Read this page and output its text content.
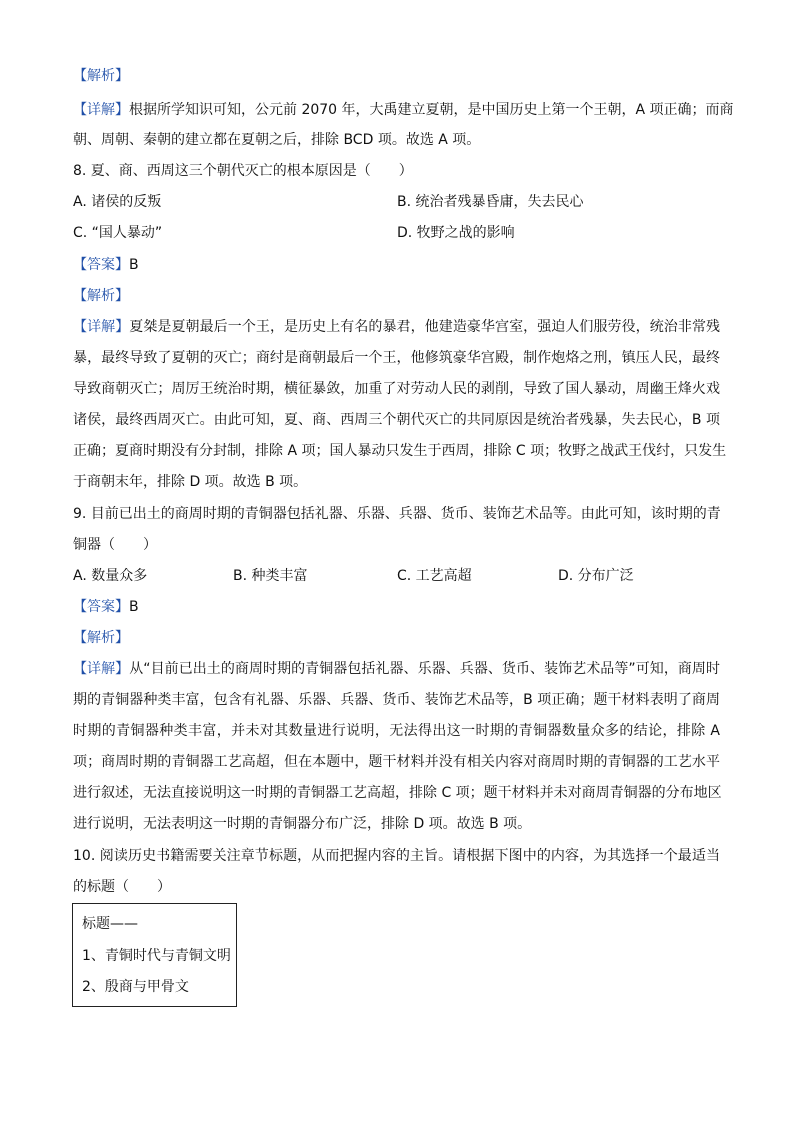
【解析】
【详解】根据所学知识可知，公元前 2070 年，大禹建立夏朝，是中国历史上第一个王朝，A 项正确；而商
朝、周朝、秦朝的建立都在夏朝之后，排除 BCD 项。故选 A 项。
8. 夏、商、西周这三个朝代灭亡的根本原因是（　　）
A. 诸侯的反叛	B. 统治者残暴昏庸，失去民心
C. “国人暴动”	D. 牧野之战的影响
【答案】B
【解析】
【详解】夏桀是夏朝最后一个王，是历史上有名的暴君，他建造豪华宫室，强迫人们服劳役，统治非常残
暴，最终导致了夏朝的灭亡；商纣是商朝最后一个王，他修筑豪华宫殿，制作炮烙之刑，镇压人民，最终
导致商朝灭亡；周厉王统治时期，横征暴敛，加重了对劳动人民的剥削，导致了国人暴动，周幽王烽火戏
诸侯，最终西周灭亡。由此可知，夏、商、西周三个朝代灭亡的共同原因是统治者残暴，失去民心，B 项
正确；夏商时期没有分封制，排除 A 项；国人暴动只发生于西周，排除 C 项；牧野之战武王伐纣，只发生
于商朝末年，排除 D 项。故选 B 项。
9. 目前已出土的商周时期的青铜器包括礼器、乐器、兵器、货币、装饰艺术品等。由此可知，该时期的青
铜器（　　）
A. 数量众多	B. 种类丰富	C. 工艺高超	D. 分布广泛
【答案】B
【解析】
【详解】从“目前已出土的商周时期的青铜器包括礼器、乐器、兵器、货币、装饰艺术品等”可知，商周时
期的青铜器种类丰富，包含有礼器、乐器、兵器、货币、装饰艺术品等，B 项正确；题干材料表明了商周
时期的青铜器种类丰富，并未对其数量进行说明，无法得出这一时期的青铜器数量众多的结论，排除 A
项；商周时期的青铜器工艺高超，但在本题中，题干材料并没有相关内容对商周时期的青铜器的工艺水平
进行叙述，无法直接说明这一时期的青铜器工艺高超，排除 C 项；题干材料并未对商周青铜器的分布地区
进行说明，无法表明这一时期的青铜器分布广泛，排除 D 项。故选 B 项。
10. 阅读历史书籍需要关注章节标题，从而把握内容的主旨。请根据下图中的内容，为其选择一个最适当
的标题（　　）
标题——
1、青铜时代与青铜文明
2、殷商与甲骨文
